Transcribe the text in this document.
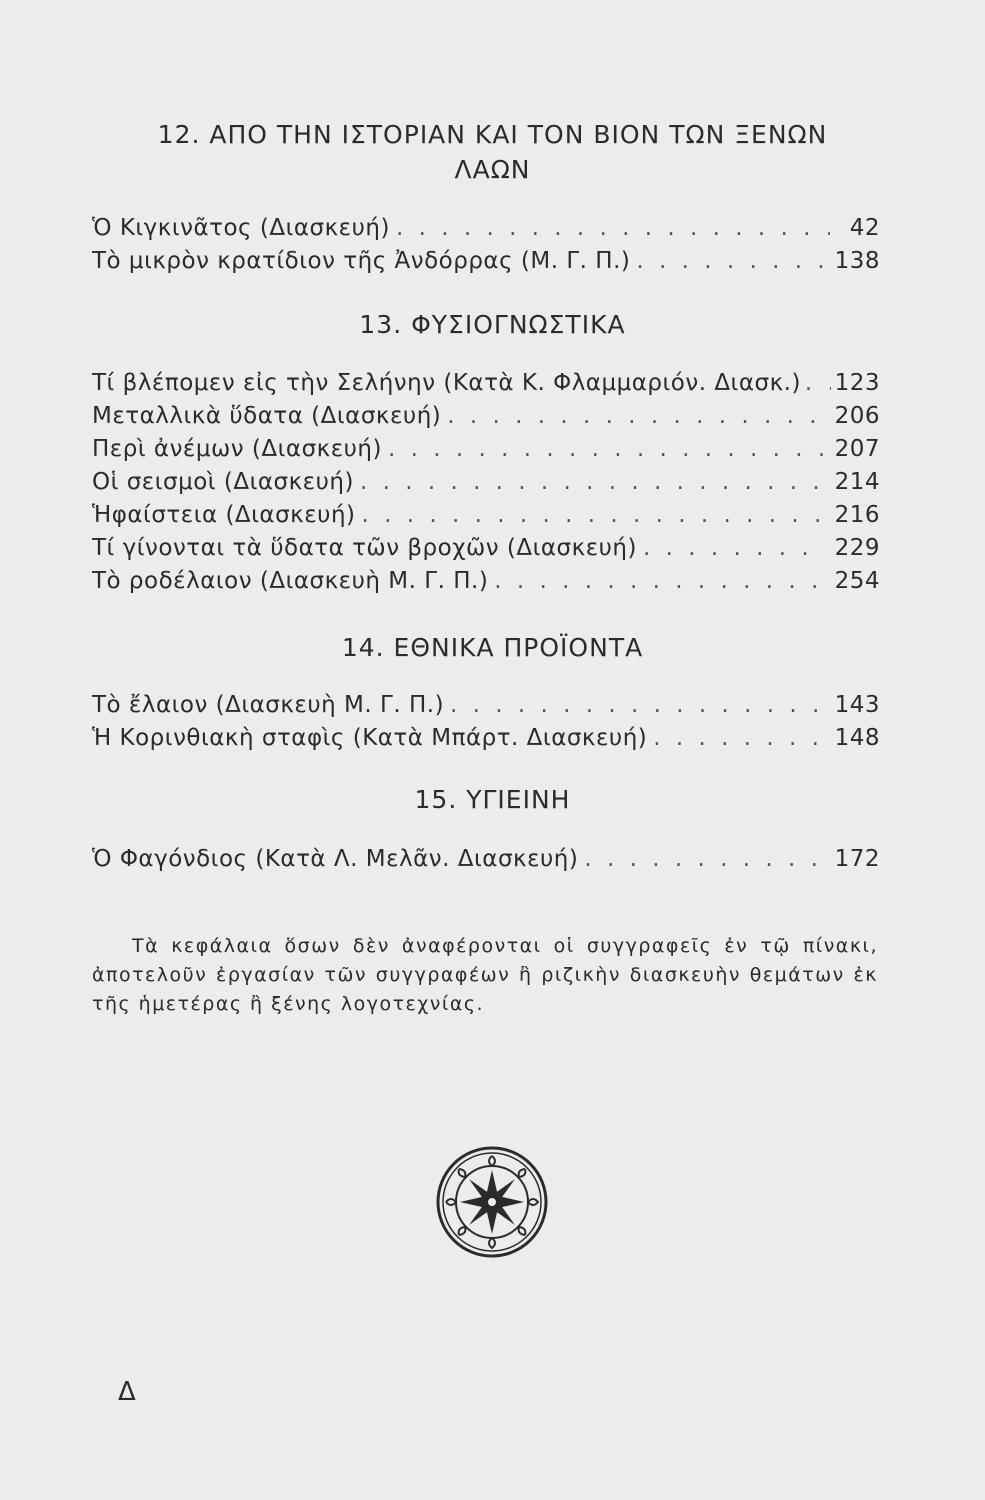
12. ΑΠΟ ΤΗΝ ΙΣΤΟΡΙΑΝ ΚΑΙ ΤΟΝ ΒΙΟΝ ΤΩΝ ΞΕΝΩΝ
ΛΑΩΝ
Ὁ Κιγκινᾶτος (Διασκευή) . . .	42
Τὸ μικρὸν κρατίδιον τῆς Ἀνδόρρας (Μ. Γ. Π.) . . .	138
13. ΦΥΣΙΟΓΝΩΣΤΙΚΑ
Τί βλέπομεν εἰς τὴν Σελήνην (Κατὰ Κ. Φλαμμαριόν. Διασκ.) . . . 123
Μεταλλικὰ ὕδατα (Διασκευή) . . .	206
Περὶ ἀνέμων (Διασκευή) . . .	207
Οἱ σεισμοὶ (Διασκευή) . . .	214
Ἡφαίστεια (Διασκευή) . . .	216
Τί γίνονται τὰ ὕδατα τῶν βροχῶν (Διασκευή) . . .	229
Τὸ ροδέλαιον (Διασκευὴ Μ. Γ. Π.) . . .	254
14. ΕΘΝΙΚΑ ΠΡΟΪΟΝΤΑ
Τὸ ἔλαιον (Διασκευὴ Μ. Γ. Π.) . . .	143
Ἡ Κορινθιακὴ σταφὶς (Κατὰ Μπάρτ. Διασκευή) . . .	148
15. ΥΓΙΕΙΝΗ
Ὁ Φαγόνδιος (Κατὰ Λ. Μελᾶν. Διασκευή) . . .	172

Τὰ κεφάλαια ὅσων δὲν ἀναφέρονται οἱ συγγραφεῖς ἐν τῷ πίνακι, ἀποτελοῦν ἐργασίαν τῶν συγγραφέων ἢ ριζικὴν διασκευὴν θεμάτων ἐκ τῆς ἡμετέρας ἢ ξένης λογοτεχνίας.

Δ
